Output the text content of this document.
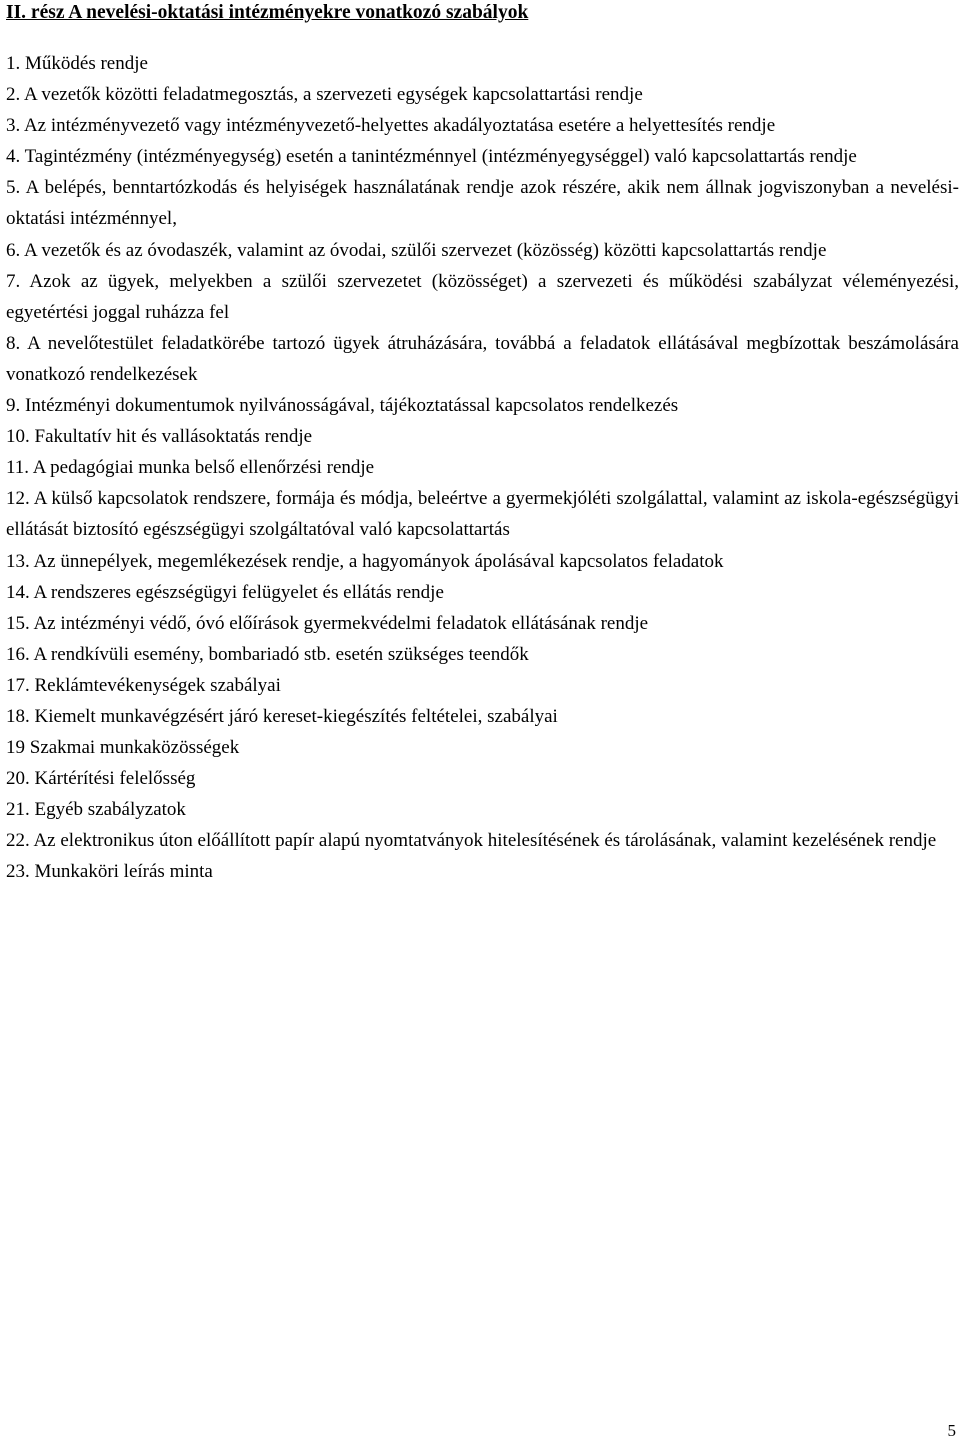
II. rész A nevelési-oktatási intézményekre vonatkozó szabályok

1. Működés rendje

2. A vezetők közötti feladatmegosztás, a szervezeti egységek kapcsolattartási rendje

3. Az intézményvezető vagy intézményvezető-helyettes akadályoztatása esetére a helyettesítés rendje

4. Tagintézmény (intézményegység) esetén a tanintézménnyel (intézményegységgel) való kapcsolattartás rendje

5. A belépés, benntartózkodás és helyiségek használatának rendje azok részére, akik nem állnak jogviszonyban a nevelési-oktatási intézménnyel,

6. A vezetők és az óvodaszék, valamint az óvodai, szülői szervezet (közösség) közötti kapcsolattartás rendje

7. Azok az ügyek, melyekben a szülői szervezetet (közösséget) a szervezeti és működési szabályzat véleményezési, egyetértési joggal ruházza fel

8. A nevelőtestület feladatkörébe tartozó ügyek átruházására, továbbá a feladatok ellátásával megbízottak beszámolására vonatkozó rendelkezések

9. Intézményi dokumentumok nyilvánosságával, tájékoztatással kapcsolatos rendelkezés

10. Fakultatív hit és vallásoktatás rendje

11. A pedagógiai munka belső ellenőrzési rendje

12. A külső kapcsolatok rendszere, formája és módja, beleértve a gyermekjóléti szolgálattal, valamint az iskola-egészségügyi ellátását biztosító egészségügyi szolgáltatóval való kapcsolattartás

13. Az ünnepélyek, megemlékezések rendje, a hagyományok ápolásával kapcsolatos feladatok

14. A rendszeres egészségügyi felügyelet és ellátás rendje

15. Az intézményi védő, óvó előírások gyermekvédelmi feladatok ellátásának rendje

16. A rendkívüli esemény, bombariadó stb. esetén szükséges teendők

17. Reklámtevékenységek szabályai

18. Kiemelt munkavégzésért járó kereset-kiegészítés feltételei, szabályai

19 Szakmai munkaközösségek

20. Kártérítési felelősség

21. Egyéb szabályzatok

22. Az elektronikus úton előállított papír alapú nyomtatványok hitelesítésének és tárolásának, valamint kezelésének rendje

23. Munkaköri leírás minta

5
